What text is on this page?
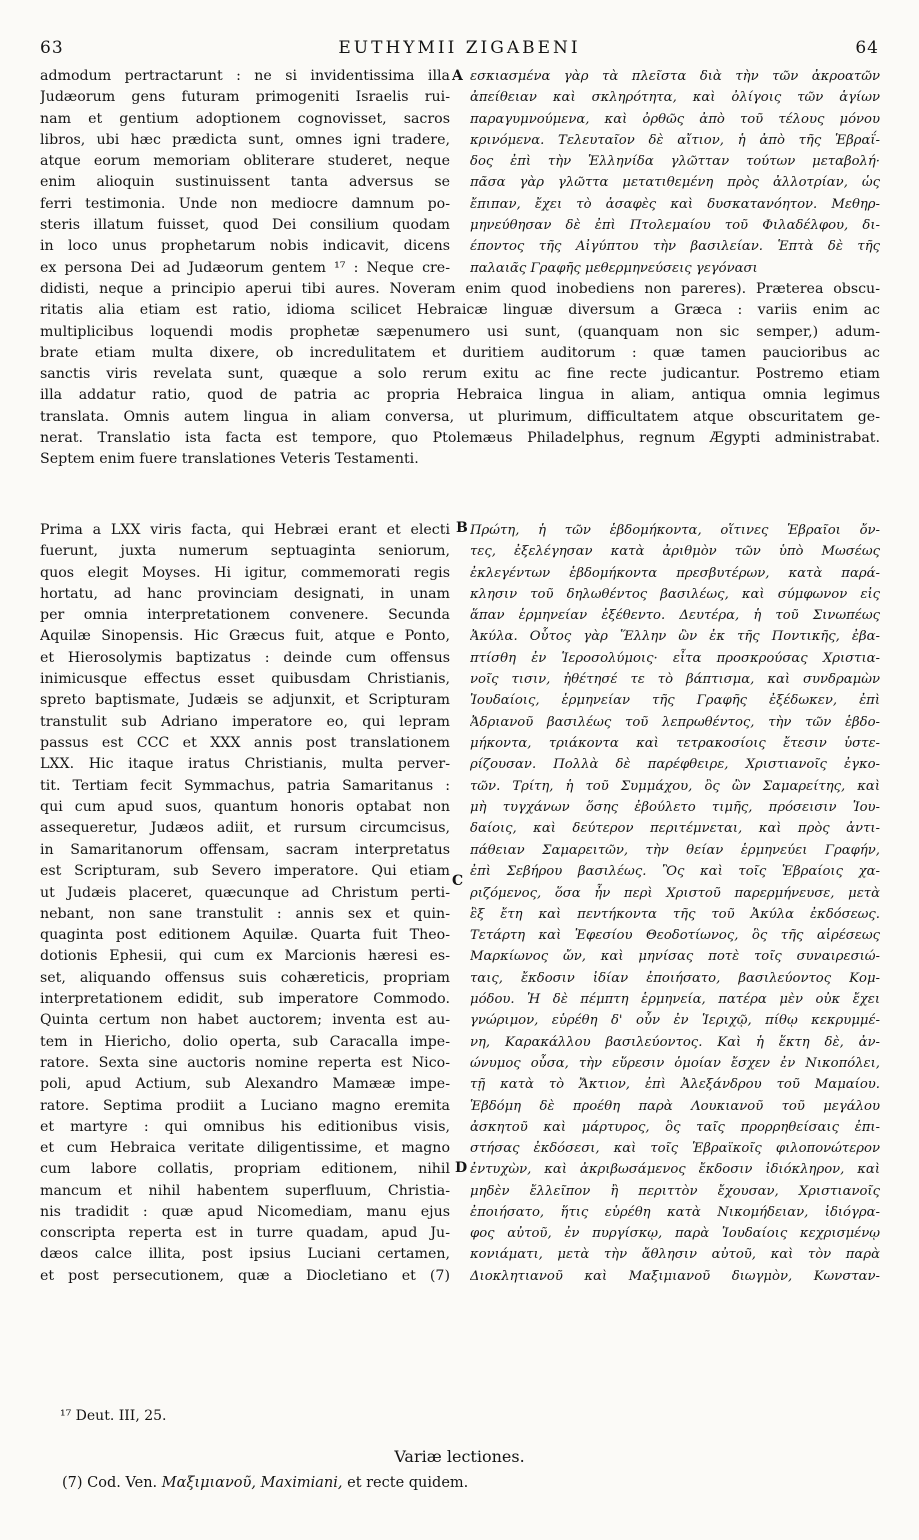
63	EUTHYMII ZIGABENI	64
admodum pertractarunt : ne si invidentissima illa
Judæorum gens futuram primogeniti Israelis rui-
nam et gentium adoptionem cognovisset, sacros
libros, ubi hæc prædicta sunt, omnes igni tradere,
atque eorum memoriam obliterare studeret, neque
enim alioquin sustinuissent tanta adversus se
ferri testimonia. Unde non mediocre damnum po-
steris illatum fuisset, quod Dei consilium quodam
in loco unus prophetarum nobis indicavit, dicens
ex persona Dei ad Judæorum gentem ¹⁷ : Neque cre-
A εσκιασμένα γὰρ τὰ πλεῖστα διὰ τὴν τῶν ἀκροατῶν
ἀπείθειαν καὶ σκληρότητα, καὶ ὀλίγοις τῶν ἁγίων
παραγυμνούμενα, καὶ ὀρθῶς ἀπὸ τοῦ τέλους μόνου
κρινόμενα. Τελευταῖον δὲ αἴτιον, ἡ ἀπὸ τῆς Ἑβραΐ-
δος ἐπὶ τὴν Ἑλληνίδα γλῶτταν τούτων μεταβολή·
πᾶσα γὰρ γλῶττα μετατιθεμένη πρὸς ἀλλοτρίαν, ὡς
ἔπιπαν, ἔχει τὸ ἀσαφὲς καὶ δυσκατανόητον. Μεθηρ-
μηνεύθησαν δὲ ἐπὶ Πτολεμαίου τοῦ Φιλαδέλφου, δι-
έποντος τῆς Αἰγύπτου τὴν βασιλείαν. Ἑπτὰ δὲ τῆς
παλαιᾶς Γραφῆς μεθερμηνεύσεις γεγόνασι
didisti, neque a principio aperui tibi aures. Noveram enim quod inobediens non pareres). Præterea obscu-
ritatis alia etiam est ratio, idioma scilicet Hebraicæ linguæ diversum a Græca : variis enim ac
multiplicibus loquendi modis prophetæ sæpenumero usi sunt, (quanquam non sic semper,) adum-
brate etiam multa dixere, ob incredulitatem et duritiem auditorum : quæ tamen paucioribus ac
sanctis viris revelata sunt, quæque a solo rerum exitu ac fine recte judicantur. Postremo etiam
illa addatur ratio, quod de patria ac propria Hebraica lingua in aliam, antiqua omnia legimus
translata. Omnis autem lingua in aliam conversa, ut plurimum, difficultatem atque obscuritatem ge-
nerat. Translatio ista facta est tempore, quo Ptolemæus Philadelphus, regnum Ægypti administrabat.
Septem enim fuere translationes Veteris Testamenti.
Prima a LXX viris facta, qui Hebræi erant et electi
fuerunt, juxta numerum septuaginta seniorum,
quos elegit Moyses. Hi igitur, commemorati regis
hortatu, ad hanc provinciam designati, in unam
per omnia interpretationem convenere. Secunda
Aquilæ Sinopensis. Hic Græcus fuit, atque e Ponto,
et Hierosolymis baptizatus : deinde cum offensus
inimicusque effectus esset quibusdam Christianis,
spreto baptismate, Judæis se adjunxit, et Scripturam
transtulit sub Adriano imperatore eo, qui lepram
passus est CCC et XXX annis post translationem
LXX. Hic itaque iratus Christianis, multa perver-
tit. Tertiam fecit Symmachus, patria Samaritanus :
qui cum apud suos, quantum honoris optabat non
assequeretur, Judæos adiit, et rursum circumcisus,
B Πρώτη, ἡ τῶν ἑβδομήκοντα, οἵτινες Ἑβραῖοι ὄν-
τες, ἐξελέγησαν κατὰ ἀριθμὸν τῶν ὑπὸ Μωσέως
ἐκλεγέντων ἑβδομήκοντα πρεσβυτέρων, κατὰ παρά-
κλησιν τοῦ δηλωθέντος βασιλέως, καὶ σύμφωνον εἰς
ἅπαν ἑρμηνείαν ἐξέθεντο. Δευτέρα, ἡ τοῦ Σινωπέως
Ἀκύλα. Οὗτος γὰρ Ἕλλην ὢν ἐκ τῆς Ποντικῆς, ἐβα-
πτίσθη ἐν Ἱεροσολύμοις· εἶτα προσκρούσας Χριστια-
νοῖς τισιν, ἠθέτησέ τε τὸ βάπτισμα, καὶ συνδραμὼν
Ἰουδαίοις, ἑρμηνείαν τῆς Γραφῆς ἐξέδωκεν, ἐπὶ
Ἀδριανοῦ βασιλέως τοῦ λεπρωθέντος, τὴν τῶν ἑβδο-
μήκοντα, τριάκοντα καὶ τετρακοσίοις ἔτεσιν ὑστε-
ρίζουσαν. Πολλὰ δὲ παρέφθειρε, Χριστιανοῖς ἐγκο-
τῶν. Τρίτη, ἡ τοῦ Συμμάχου, ὃς ὢν Σαμαρείτης, καὶ
μὴ τυγχάνων ὅσης ἐβούλετο τιμῆς, πρόσεισιν Ἰου-
δαίοις, καὶ δεύτερον περιτέμνεται, καὶ πρὸς ἀντι-
in Samaritanorum offensam, sacram interpretatus
est Scripturam, sub Severo imperatore. Qui etiam
ut Judæis placeret, quæcunque ad Christum perti-
nebant, non sane transtulit : annis sex et quin-
quaginta post editionem Aquilæ. Quarta fuit Theo-
dotionis Ephesii, qui cum ex Marcionis hæresi es-
set, aliquando offensus suis cohæreticis, propriam
interpretationem edidit, sub imperatore Commodo.
Quinta certum non habet auctorem; inventa est au-
tem in Hiericho, dolio operta, sub Caracalla impe-
ratore. Sexta sine auctoris nomine reperta est Nico-
poli, apud Actium, sub Alexandro Mamææ impe-
ratore. Septima prodiit a Luciano magno eremita
et martyre : qui omnibus his editionibus visis,
C
πάθειαν Σαμαρειτῶν, τὴν θείαν ἑρμηνεύει Γραφήν,
ἐπὶ Σεβήρου βασιλέως. Ὃς καὶ τοῖς Ἑβραίοις χα-
ριζόμενος, ὅσα ἦν περὶ Χριστοῦ παρερμήνευσε, μετὰ
ἓξ ἔτη καὶ πεντήκοντα τῆς τοῦ Ἀκύλα ἐκδόσεως.
Τετάρτη καὶ Ἐφεσίου Θεοδοτίωνος, ὃς τῆς αἱρέσεως
Μαρκίωνος ὤν, καὶ μηνίσας ποτὲ τοῖς συναιρεσιώ-
ταις, ἔκδοσιν ἰδίαν ἐποιήσατο, βασιλεύοντος Κομ-
μόδου. Ἡ δὲ πέμπτη ἑρμηνεία, πατέρα μὲν οὐκ ἔχει
γνώριμον, εὑρέθη δ' οὖν ἐν Ἱεριχῷ, πίθῳ κεκρυμμέ-
νη, Καρακάλλου βασιλεύοντος. Καὶ ἡ ἕκτη δὲ, ἀν-
ώνυμος οὖσα, τὴν εὕρεσιν ὁμοίαν ἔσχεν ἐν Νικοπόλει,
τῇ κατὰ τὸ Ἄκτιον, ἐπὶ Ἀλεξάνδρου τοῦ Μαμαίου.
Ἑβδόμη δὲ προέθη παρὰ Λουκιανοῦ τοῦ μεγάλου
ἀσκητοῦ καὶ μάρτυρος, ὃς ταῖς προρρηθείσαις ἐπι-
et cum Hebraica veritate diligentissime, et magno
cum labore collatis, propriam editionem, nihil
mancum et nihil habentem superfluum, Christia-
nis tradidit : quæ apud Nicomediam, manu ejus
conscripta reperta est in turre quadam, apud Ju-
dæos calce illita, post ipsius Luciani certamen,
et post persecutionem, quæ a Diocletiano et (7)
D
στήσας ἐκδόσεσι, καὶ τοῖς Ἑβραϊκοῖς φιλοπονώτερον
ἐντυχὼν, καὶ ἀκριβωσάμενος ἔκδοσιν ἰδιόκληρον, καὶ
μηδὲν ἔλλεῖπον ἢ περιττὸν ἔχουσαν, Χριστιανοῖς
ἐποιήσατο, ἥτις εὑρέθη κατὰ Νικομήδειαν, ἰδιόγρα-
φος αὐτοῦ, ἐν πυργίσκῳ, παρὰ Ἰουδαίοις κεχρισμένῳ
κονιάματι, μετὰ τὴν ἄθλησιν αὐτοῦ, καὶ τὸν παρὰ
Διοκλητιανοῦ καὶ Μαξιμιανοῦ διωγμὸν, Κωνσταν-
¹⁷ Deut. III, 25.
Variæ lectiones.
(7) Cod. Ven. Μαξιμιανοῦ, Maximiani, et recte quidem.
